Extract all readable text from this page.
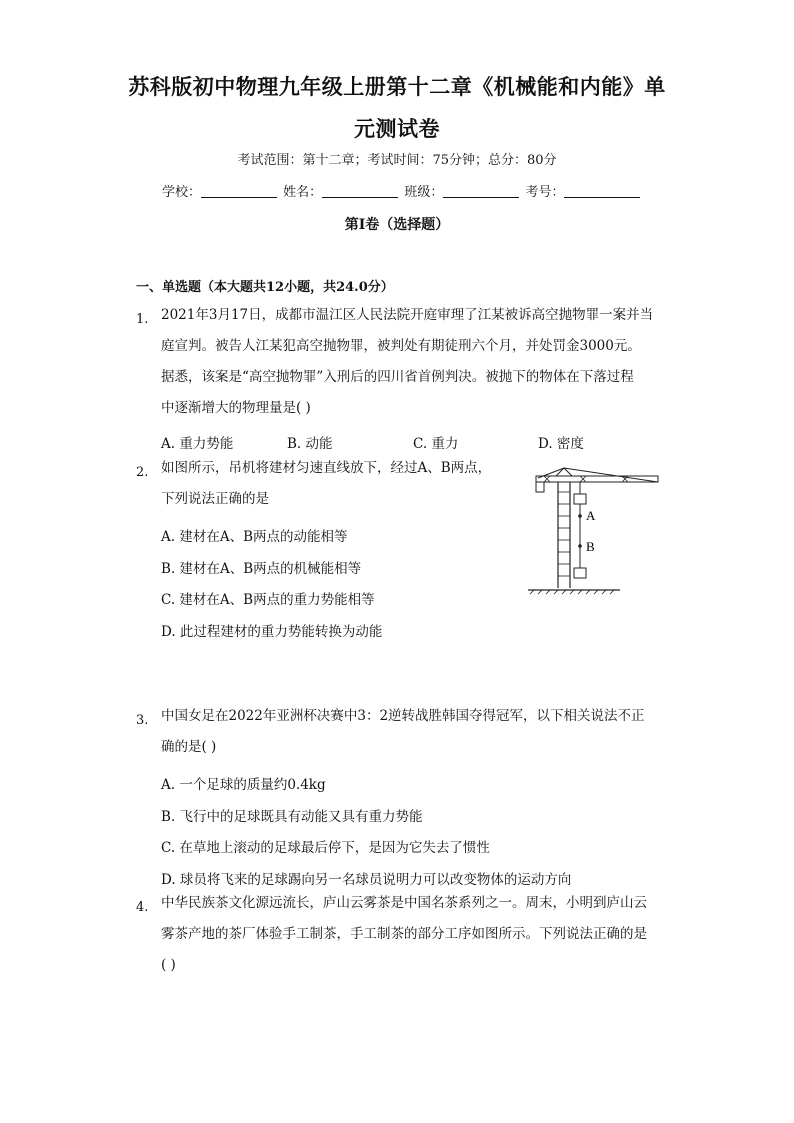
苏科版初中物理九年级上册第十二章《机械能和内能》单
元测试卷
考试范围：第十二章；考试时间：75分钟；总分：80分
学校：	姓名：	班级：	考号：
第I卷（选择题）
一、单选题（本大题共12小题，共24.0分）
1. 2021年3月17日，成都市温江区人民法院开庭审理了江某被诉高空抛物罪一案并当
庭宣判。被告人江某犯高空抛物罪，被判处有期徒刑六个月，并处罚金3000元。
据悉，该案是“高空抛物罪”入刑后的四川省首例判决。被抛下的物体在下落过程
中逐渐增大的物理量是( )
A. 重力势能	B. 动能	C. 重力	D. 密度
2. 如图所示，吊机将建材匀速直线放下，经过A、B两点，
下列说法正确的是
A. 建材在A、B两点的动能相等
B. 建材在A、B两点的机械能相等
C. 建材在A、B两点的重力势能相等
D. 此过程建材的重力势能转换为动能
A
B
3. 中国女足在2022年亚洲杯决赛中3：2逆转战胜韩国夺得冠军，以下相关说法不正
确的是( )
A. 一个足球的质量约0.4kg
B. 飞行中的足球既具有动能又具有重力势能
C. 在草地上滚动的足球最后停下，是因为它失去了惯性
D. 球员将飞来的足球踢向另一名球员说明力可以改变物体的运动方向
4. 中华民族茶文化源远流长，庐山云雾茶是中国名茶系列之一。周末，小明到庐山云
雾茶产地的茶厂体验手工制茶，手工制茶的部分工序如图所示。下列说法正确的是
( )
